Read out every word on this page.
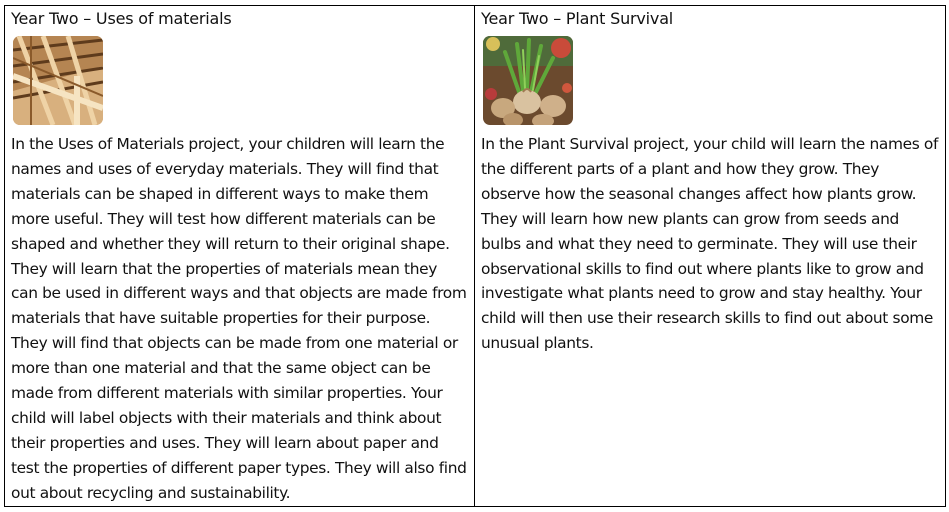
Year Two – Uses of materials

In the Uses of Materials project, your children will learn the names and uses of everyday materials. They will find that materials can be shaped in different ways to make them more useful. They will test how different materials can be shaped and whether they will return to their original shape. They will learn that the properties of materials mean they can be used in different ways and that objects are made from materials that have suitable properties for their purpose. They will find that objects can be made from one material or more than one material and that the same object can be made from different materials with similar properties. Your child will label objects with their materials and think about their properties and uses. They will learn about paper and test the properties of different paper types. They will also find out about recycling and sustainability.

Year Two – Plant Survival

In the Plant Survival project, your child will learn the names of the different parts of a plant and how they grow. They observe how the seasonal changes affect how plants grow. They will learn how new plants can grow from seeds and bulbs and what they need to germinate. They will use their observational skills to find out where plants like to grow and investigate what plants need to grow and stay healthy. Your child will then use their research skills to find out about some unusual plants.
